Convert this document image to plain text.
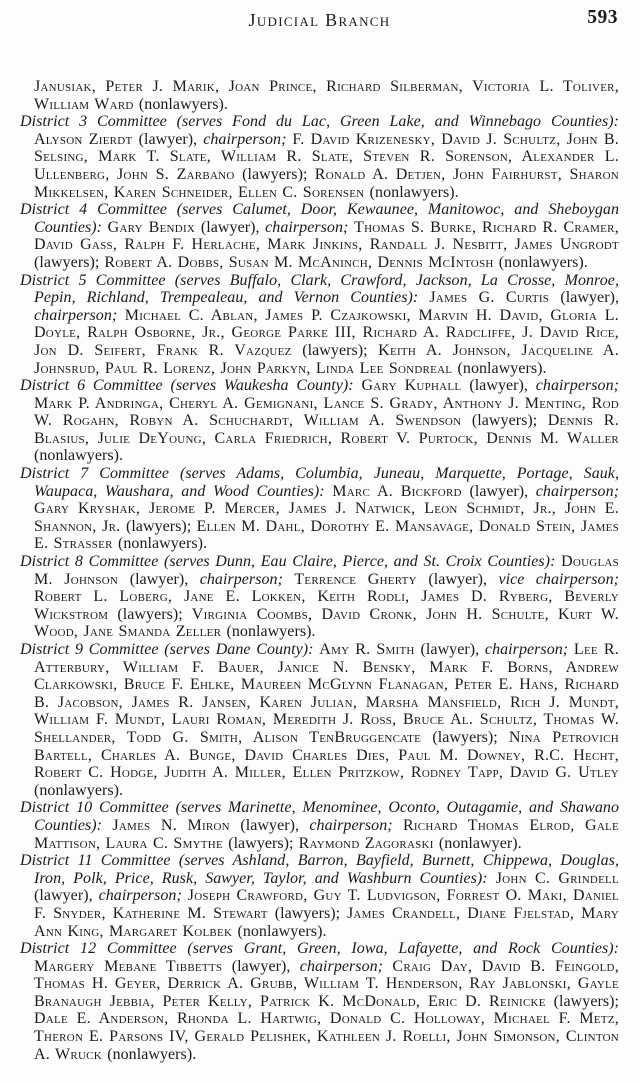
Judicial Branch	593

Janusiak, Peter J. Marik, Joan Prince, Richard Silberman, Victoria L. Toliver, William Ward (nonlawyers).

District 3 Committee (serves Fond du Lac, Green Lake, and Winnebago Counties): Alyson Zierdt (lawyer), chairperson; F. David Krizenesky, David J. Schultz, John B. Selsing, Mark T. Slate, William R. Slate, Steven R. Sorenson, Alexander L. Ullenberg, John S. Zarbano (lawyers); Ronald A. Detjen, John Fairhurst, Sharon Mikkelsen, Karen Schneider, Ellen C. Sorensen (nonlawyers).

District 4 Committee (serves Calumet, Door, Kewaunee, Manitowoc, and Sheboygan Counties): Gary Bendix (lawyer), chairperson; Thomas S. Burke, Richard R. Cramer, David Gass, Ralph F. Herlache, Mark Jinkins, Randall J. Nesbitt, James Ungrodt (lawyers); Robert A. Dobbs, Susan M. McAninch, Dennis McIntosh (nonlawyers).

District 5 Committee (serves Buffalo, Clark, Crawford, Jackson, La Crosse, Monroe, Pepin, Richland, Trempealeau, and Vernon Counties): James G. Curtis (lawyer), chairperson; Michael C. Ablan, James P. Czajkowski, Marvin H. David, Gloria L. Doyle, Ralph Osborne, Jr., George Parke III, Richard A. Radcliffe, J. David Rice, Jon D. Seifert, Frank R. Vazquez (lawyers); Keith A. Johnson, Jacqueline A. Johnsrud, Paul R. Lorenz, John Parkyn, Linda Lee Sondreal (nonlawyers).

District 6 Committee (serves Waukesha County): Gary Kuphall (lawyer), chairperson; Mark P. Andringa, Cheryl A. Gemignani, Lance S. Grady, Anthony J. Menting, Rod W. Rogahn, Robyn A. Schuchardt, William A. Swendson (lawyers); Dennis R. Blasius, Julie DeYoung, Carla Friedrich, Robert V. Purtock, Dennis M. Waller (nonlawyers).

District 7 Committee (serves Adams, Columbia, Juneau, Marquette, Portage, Sauk, Waupaca, Waushara, and Wood Counties): Marc A. Bickford (lawyer), chairperson; Gary Kryshak, Jerome P. Mercer, James J. Natwick, Leon Schmidt, Jr., John E. Shannon, Jr. (lawyers); Ellen M. Dahl, Dorothy E. Mansavage, Donald Stein, James E. Strasser (nonlawyers).

District 8 Committee (serves Dunn, Eau Claire, Pierce, and St. Croix Counties): Douglas M. Johnson (lawyer), chairperson; Terrence Gherty (lawyer), vice chairperson; Robert L. Loberg, Jane E. Lokken, Keith Rodli, James D. Ryberg, Beverly Wickstrom (lawyers); Virginia Coombs, David Cronk, John H. Schulte, Kurt W. Wood, Jane Smanda Zeller (nonlawyers).

District 9 Committee (serves Dane County): Amy R. Smith (lawyer), chairperson; Lee R. Atterbury, William F. Bauer, Janice N. Bensky, Mark F. Borns, Andrew Clarkowski, Bruce F. Ehlke, Maureen McGlynn Flanagan, Peter E. Hans, Richard B. Jacobson, James R. Jansen, Karen Julian, Marsha Mansfield, Rich J. Mundt, William F. Mundt, Lauri Roman, Meredith J. Ross, Bruce Al. Schultz, Thomas W. Shellander, Todd G. Smith, Alison TenBruggencate (lawyers); Nina Petrovich Bartell, Charles A. Bunge, David Charles Dies, Paul M. Downey, R.C. Hecht, Robert C. Hodge, Judith A. Miller, Ellen Pritzkow, Rodney Tapp, David G. Utley (nonlawyers).

District 10 Committee (serves Marinette, Menominee, Oconto, Outagamie, and Shawano Counties): James N. Miron (lawyer), chairperson; Richard Thomas Elrod, Gale Mattison, Laura C. Smythe (lawyers); Raymond Zagoraski (nonlawyer).

District 11 Committee (serves Ashland, Barron, Bayfield, Burnett, Chippewa, Douglas, Iron, Polk, Price, Rusk, Sawyer, Taylor, and Washburn Counties): John C. Grindell (lawyer), chairperson; Joseph Crawford, Guy T. Ludvigson, Forrest O. Maki, Daniel F. Snyder, Katherine M. Stewart (lawyers); James Crandell, Diane Fjelstad, Mary Ann King, Margaret Kolbek (nonlawyers).

District 12 Committee (serves Grant, Green, Iowa, Lafayette, and Rock Counties): Margery Mebane Tibbetts (lawyer), chairperson; Craig Day, David B. Feingold, Thomas H. Geyer, Derrick A. Grubb, William T. Henderson, Ray Jablonski, Gayle Branaugh Jebbia, Peter Kelly, Patrick K. McDonald, Eric D. Reinicke (lawyers); Dale E. Anderson, Rhonda L. Hartwig, Donald C. Holloway, Michael F. Metz, Theron E. Parsons IV, Gerald Pelishek, Kathleen J. Roelli, John Simonson, Clinton A. Wruck (nonlawyers).
